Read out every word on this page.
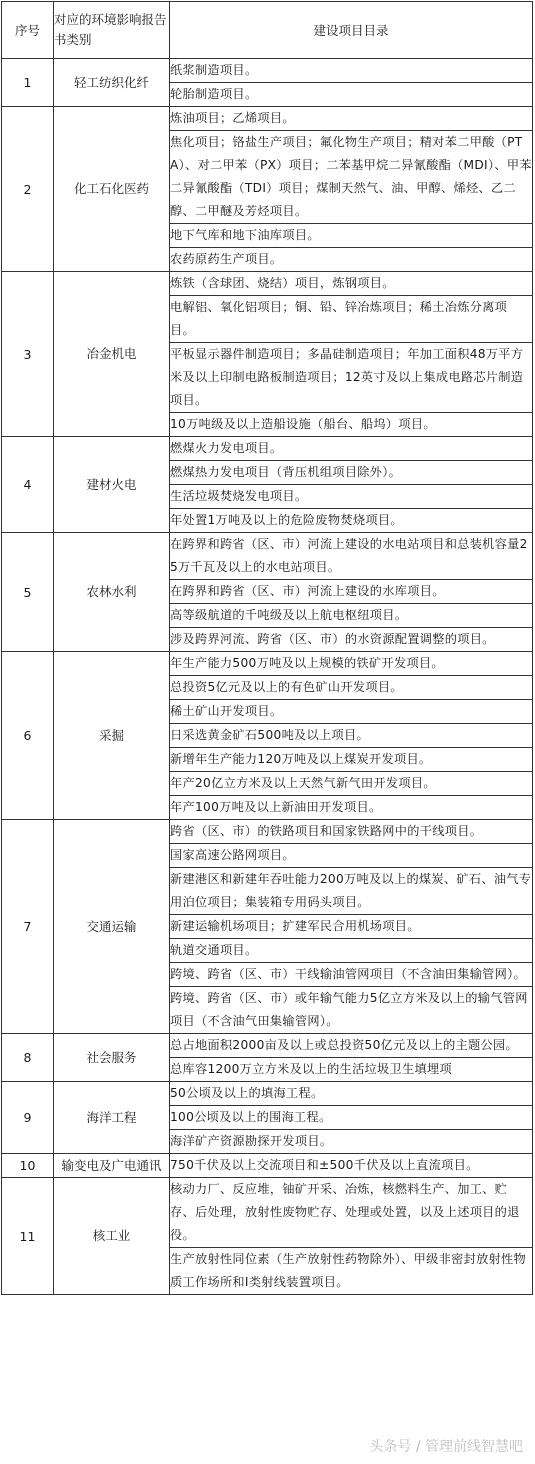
序号	对应的环境影响报告书类别	建设项目目录
1	轻工纺织化纤	纸浆制造项目。
		轮胎制造项目。
2	化工石化医药	炼油项目；乙烯项目。
		焦化项目；铬盐生产项目；氟化物生产项目；精对苯二甲酸（PTA）、对二甲苯（PX）项目；二苯基甲烷二异氰酸酯（MDI）、甲苯二异氰酸酯（TDI）项目；煤制天然气、油、甲醇、烯烃、乙二醇、二甲醚及芳烃项目。
		地下气库和地下油库项目。
		农药原药生产项目。
3	冶金机电	炼铁（含球团、烧结）项目，炼钢项目。
		电解铝、氧化铝项目；铜、铅、锌冶炼项目；稀土冶炼分离项目。
		平板显示器件制造项目；多晶硅制造项目；年加工面积48万平方米及以上印制电路板制造项目；12英寸及以上集成电路芯片制造项目。
		10万吨级及以上造船设施（船台、船坞）项目。
4	建材火电	燃煤火力发电项目。
		燃煤热力发电项目（背压机组项目除外）。
		生活垃圾焚烧发电项目。
		年处置1万吨及以上的危险废物焚烧项目。
5	农林水利	在跨界和跨省（区、市）河流上建设的水电站项目和总装机容量25万千瓦及以上的水电站项目。
		在跨界和跨省（区、市）河流上建设的水库项目。
		高等级航道的千吨级及以上航电枢纽项目。
		涉及跨界河流、跨省（区、市）的水资源配置调整的项目。
6	采掘	年生产能力500万吨及以上规模的铁矿开发项目。
		总投资5亿元及以上的有色矿山开发项目。
		稀土矿山开发项目。
		日采选黄金矿石500吨及以上项目。
		新增年生产能力120万吨及以上煤炭开发项目。
		年产20亿立方米及以上天然气新气田开发项目。
		年产100万吨及以上新油田开发项目。
7	交通运输	跨省（区、市）的铁路项目和国家铁路网中的干线项目。
		国家高速公路网项目。
		新建港区和新建年吞吐能力200万吨及以上的煤炭、矿石、油气专用泊位项目；集装箱专用码头项目。
		新建运输机场项目；扩建军民合用机场项目。
		轨道交通项目。
		跨境、跨省（区、市）干线输油管网项目（不含油田集输管网）。
		跨境、跨省（区、市）或年输气能力5亿立方米及以上的输气管网项目（不含油气田集输管网）。
8	社会服务	总占地面积2000亩及以上或总投资50亿元及以上的主题公园。
		总库容1200万立方米及以上的生活垃圾卫生填埋项
9	海洋工程	50公顷及以上的填海工程。
		100公顷及以上的围海工程。
		海洋矿产资源勘探开发项目。
10	输变电及广电通讯	750千伏及以上交流项目和±500千伏及以上直流项目。
11	核工业	核动力厂、反应堆，铀矿开采、冶炼，核燃料生产、加工、贮存、后处理，放射性废物贮存、处理或处置，以及上述项目的退役。
		生产放射性同位素（生产放射性药物除外）、甲级非密封放射性物质工作场所和Ⅰ类射线装置项目。
头条号 / 管理前线智慧吧
